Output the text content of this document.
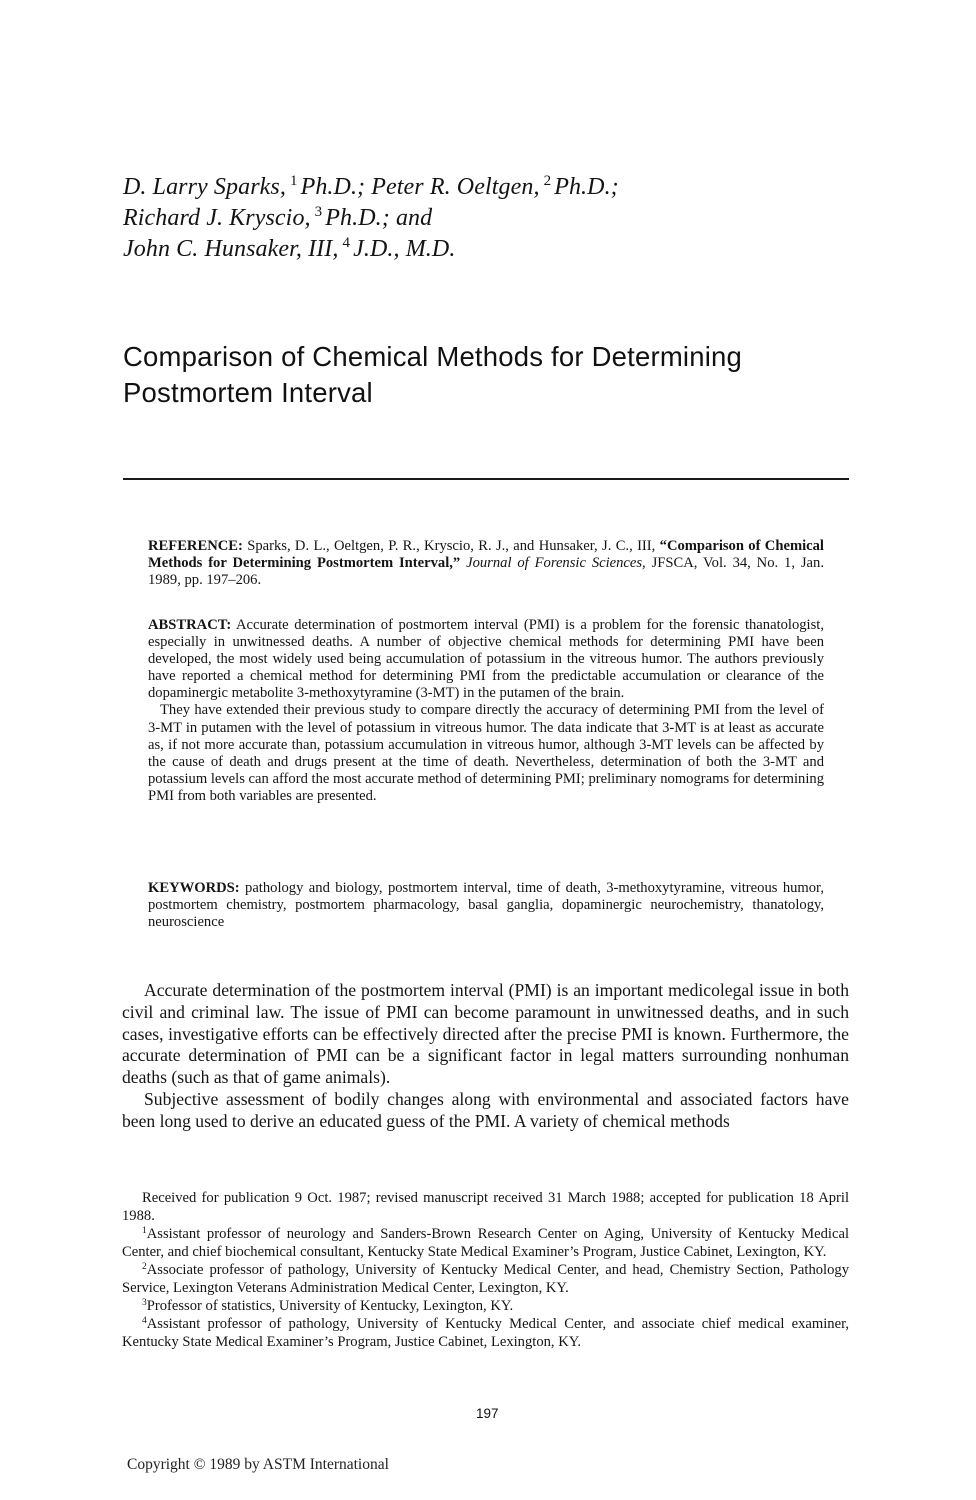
D. Larry Sparks, $^1$ Ph.D.; Peter R. Oeltgen, $^2$ Ph.D.;
Richard J. Kryscio, $^3$ Ph.D.; and
John C. Hunsaker, III, $^4$ J.D., M.D.
Comparison of Chemical Methods for Determining
Postmortem Interval

REFERENCE: Sparks, D. L., Oeltgen, P. R., Kryscio, R. J., and Hunsaker, J. C., III, “Comparison of Chemical Methods for Determining Postmortem Interval,” Journal of Forensic Sciences, JFSCA, Vol. 34, No. 1, Jan. 1989, pp. 197–206.

ABSTRACT: Accurate determination of postmortem interval (PMI) is a problem for the forensic thanatologist, especially in unwitnessed deaths. A number of objective chemical methods for determining PMI have been developed, the most widely used being accumulation of potassium in the vitreous humor. The authors previously have reported a chemical method for determining PMI from the predictable accumulation or clearance of the dopaminergic metabolite 3-methoxytyramine (3-MT) in the putamen of the brain.

They have extended their previous study to compare directly the accuracy of determining PMI from the level of 3-MT in putamen with the level of potassium in vitreous humor. The data indicate that 3-MT is at least as accurate as, if not more accurate than, potassium accumulation in vitreous humor, although 3-MT levels can be affected by the cause of death and drugs present at the time of death. Nevertheless, determination of both the 3-MT and potassium levels can afford the most accurate method of determining PMI; preliminary nomograms for determining PMI from both variables are presented.

KEYWORDS: pathology and biology, postmortem interval, time of death, 3-methoxytyramine, vitreous humor, postmortem chemistry, postmortem pharmacology, basal ganglia, dopaminergic neurochemistry, thanatology, neuroscience

Accurate determination of the postmortem interval (PMI) is an important medicolegal issue in both civil and criminal law. The issue of PMI can become paramount in unwitnessed deaths, and in such cases, investigative efforts can be effectively directed after the precise PMI is known. Furthermore, the accurate determination of PMI can be a significant factor in legal matters surrounding nonhuman deaths (such as that of game animals).

Subjective assessment of bodily changes along with environmental and associated factors have been long used to derive an educated guess of the PMI. A variety of chemical methods

Received for publication 9 Oct. 1987; revised manuscript received 31 March 1988; accepted for publication 18 April 1988.

$^1$Assistant professor of neurology and Sanders-Brown Research Center on Aging, University of Kentucky Medical Center, and chief biochemical consultant, Kentucky State Medical Examiner’s Program, Justice Cabinet, Lexington, KY.

$^2$Associate professor of pathology, University of Kentucky Medical Center, and head, Chemistry Section, Pathology Service, Lexington Veterans Administration Medical Center, Lexington, KY.

$^3$Professor of statistics, University of Kentucky, Lexington, KY.

$^4$Assistant professor of pathology, University of Kentucky Medical Center, and associate chief medical examiner, Kentucky State Medical Examiner’s Program, Justice Cabinet, Lexington, KY.

197
Copyright © 1989 by ASTM International
